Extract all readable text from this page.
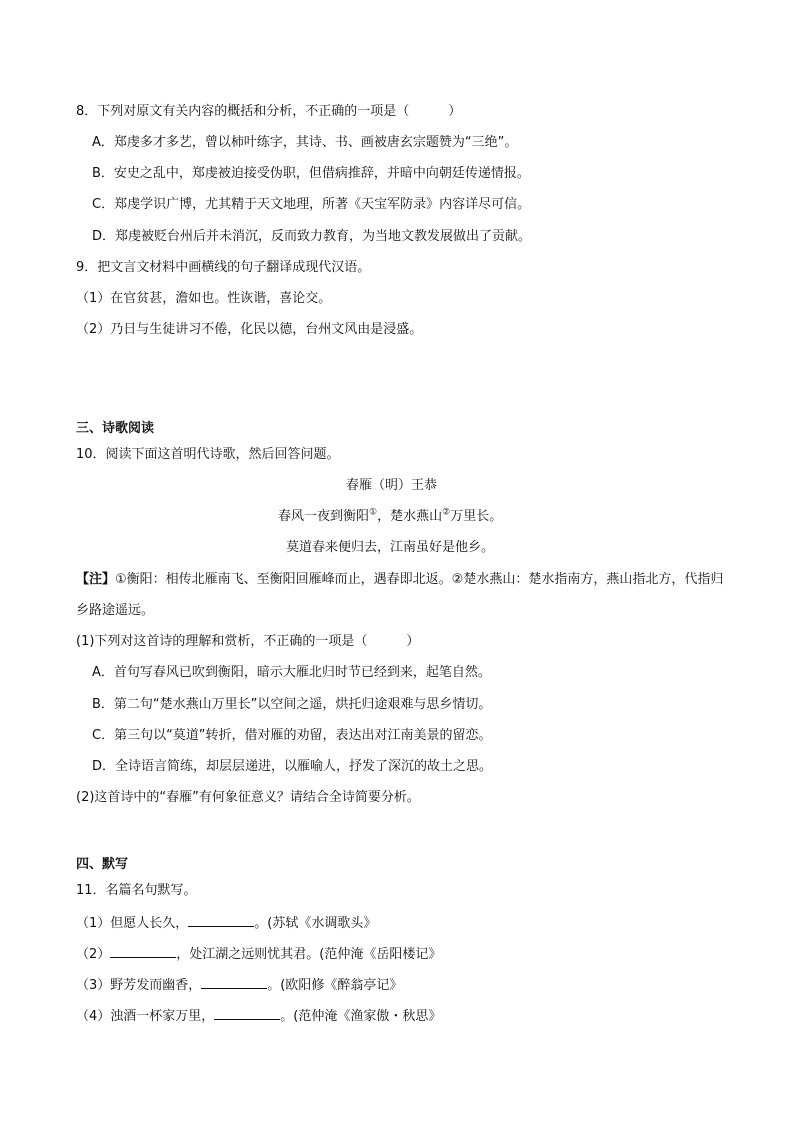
8．下列对原文有关内容的概括和分析，不正确的一项是（　　　）
A．郑虔多才多艺，曾以柿叶练字，其诗、书、画被唐玄宗题赞为“三绝”。
B．安史之乱中，郑虔被迫接受伪职，但借病推辞，并暗中向朝廷传递情报。
C．郑虔学识广博，尤其精于天文地理，所著《天宝军防录》内容详尽可信。
D．郑虔被贬台州后并未消沉，反而致力教育，为当地文教发展做出了贡献。
9．把文言文材料中画横线的句子翻译成现代汉语。
（1）在官贫甚，澹如也。性诙谐，喜论交。
（2）乃日与生徒讲习不倦，化民以德，台州文风由是浸盛。
三、诗歌阅读
10．阅读下面这首明代诗歌，然后回答问题。
春雁（明）王恭
春风一夜到衡阳①，楚水燕山②万里长。
莫道春来便归去，江南虽好是他乡。
【注】①衡阳：相传北雁南飞、至衡阳回雁峰而止，遇春即北返。②楚水燕山：楚水指南方，燕山指北方，代指归乡路途遥远。
(1)下列对这首诗的理解和赏析，不正确的一项是（　　　）
A．首句写春风已吹到衡阳，暗示大雁北归时节已经到来，起笔自然。
B．第二句“楚水燕山万里长”以空间之遥，烘托归途艰难与思乡情切。
C．第三句以“莫道”转折，借对雁的劝留，表达出对江南美景的留恋。
D．全诗语言简练，却层层递进，以雁喻人，抒发了深沉的故土之思。
(2)这首诗中的“春雁”有何象征意义？请结合全诗简要分析。
四、默写
11．名篇名句默写。
（1）但愿人长久，	。(苏轼《水调歌头》
（2）	，处江湖之远则忧其君。(范仲淹《岳阳楼记》
（3）野芳发而幽香，	。(欧阳修《醉翁亭记》
（4）浊酒一杯家万里，	。(范仲淹《渔家傲・秋思》
